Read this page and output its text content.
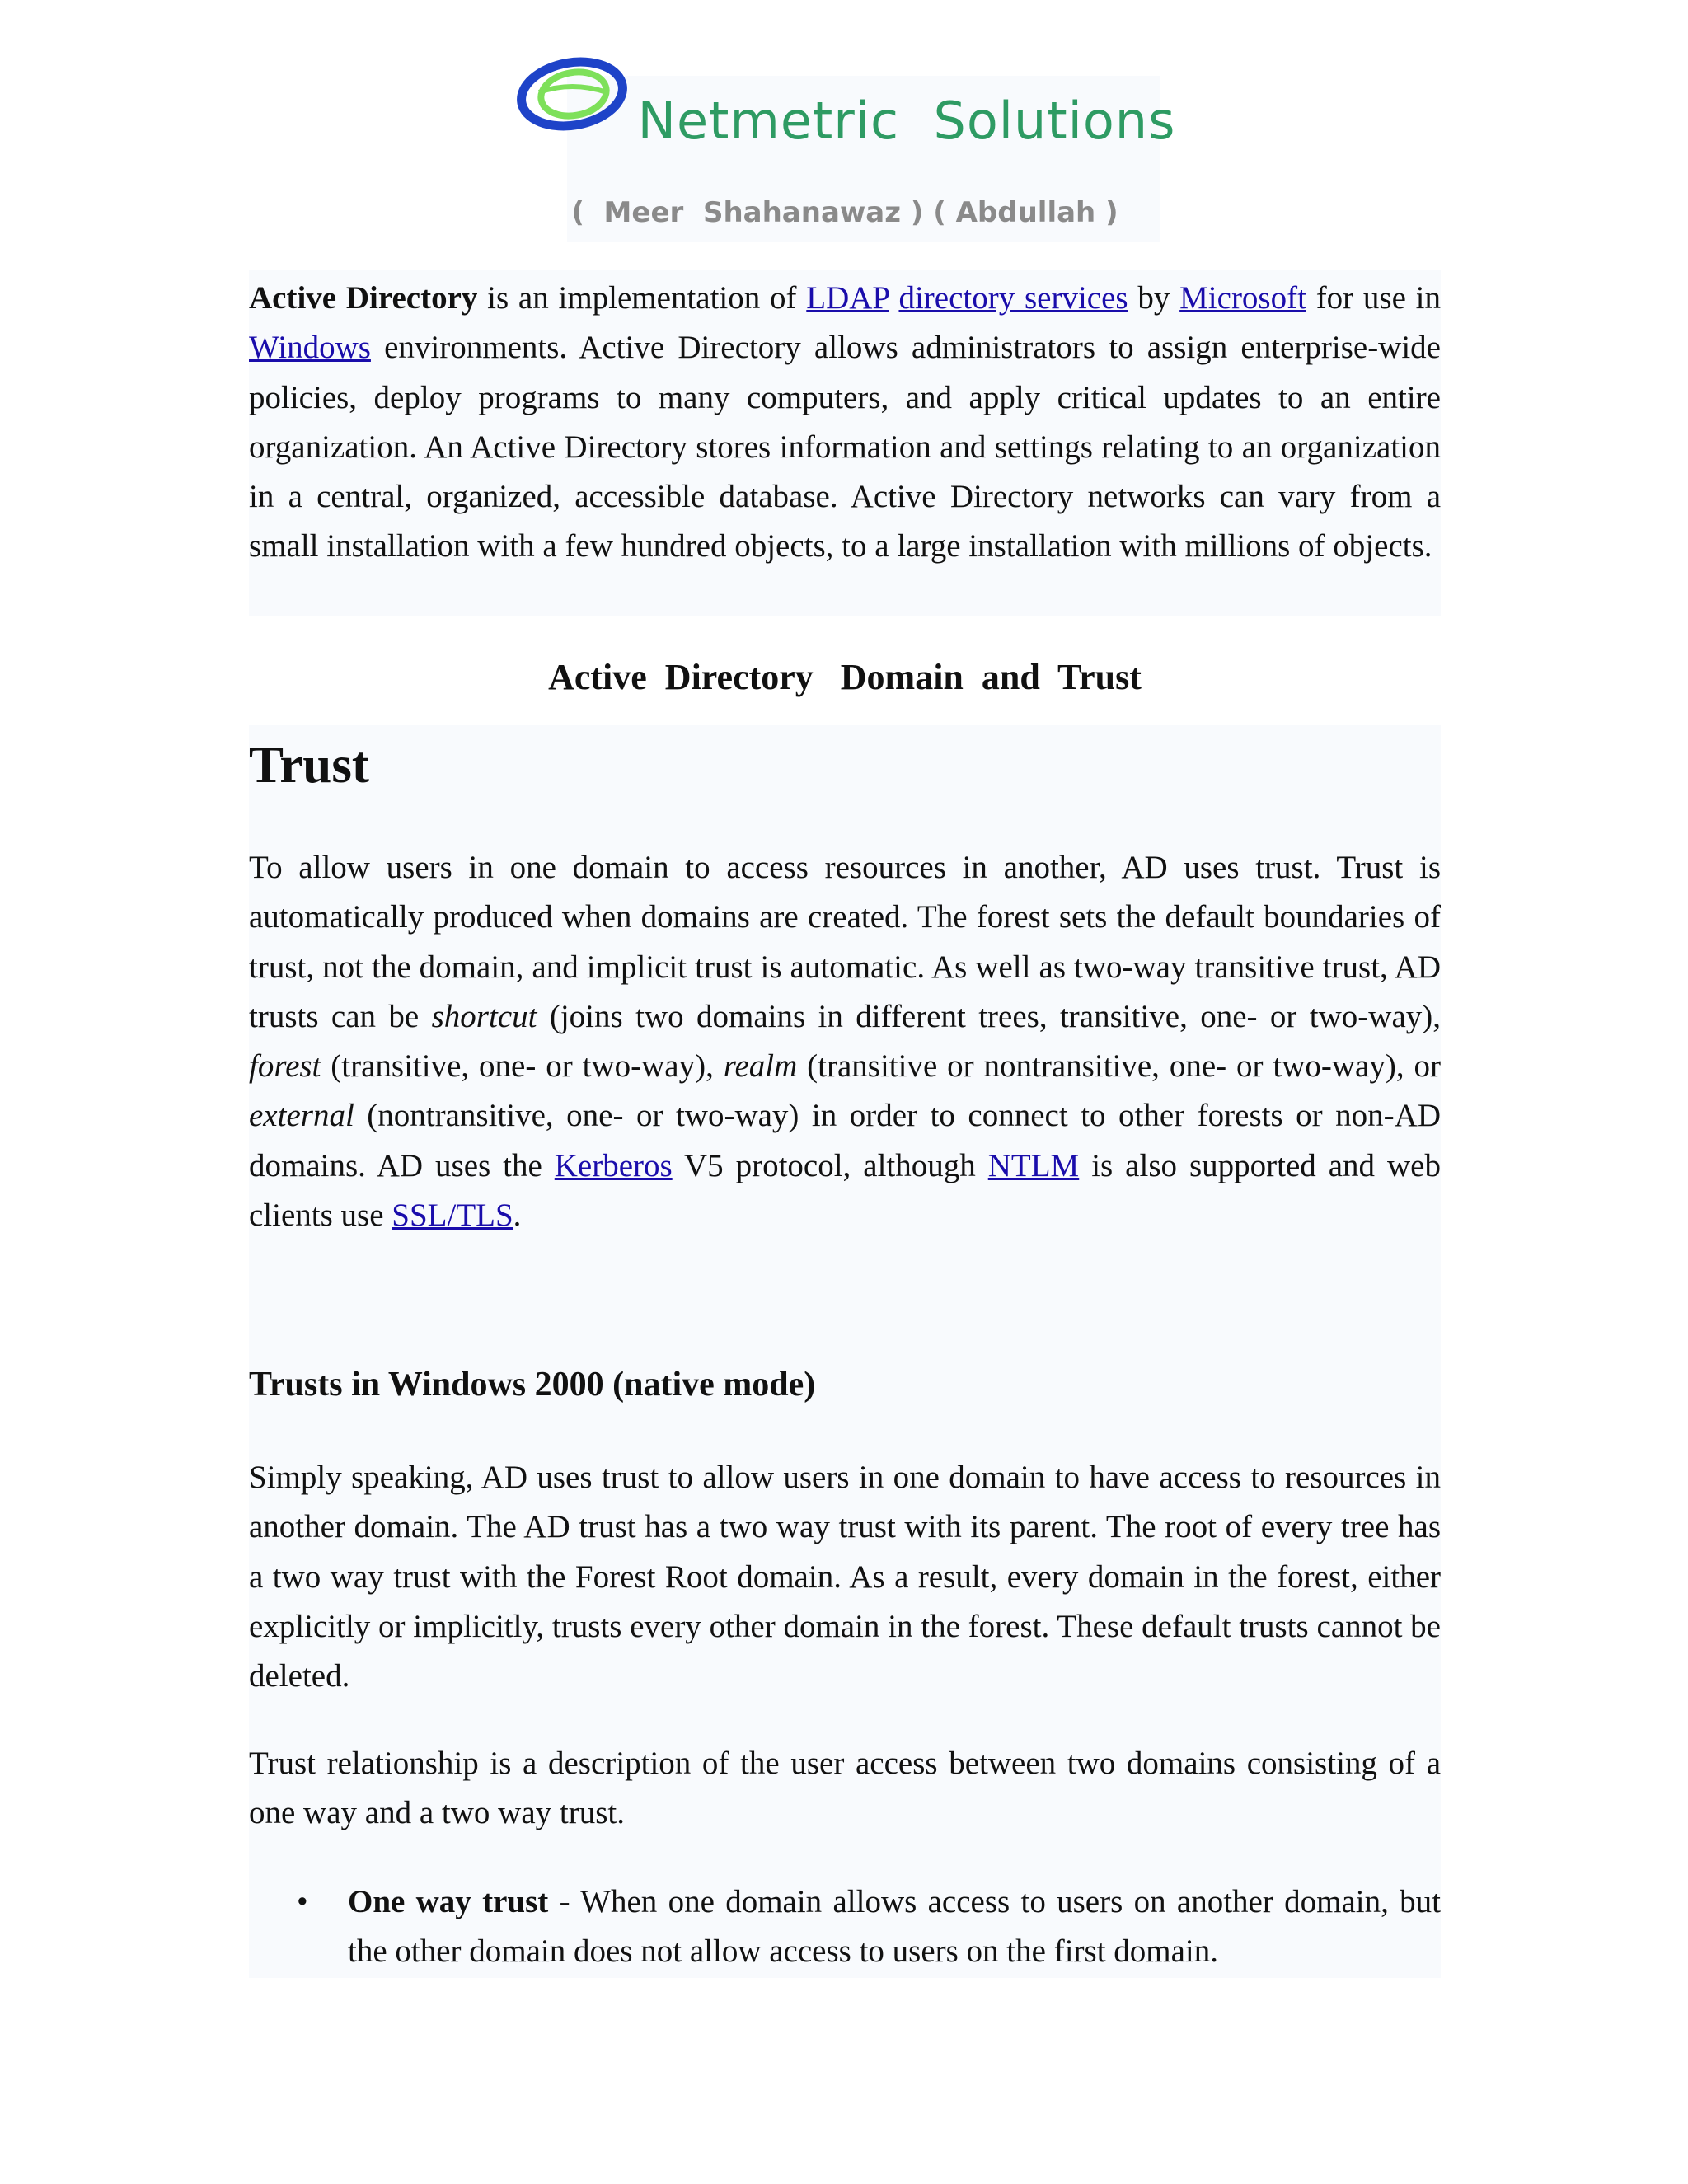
Netmetric  Solutions
(  Meer  Shahanawaz ) ( Abdullah )

Active Directory is an implementation of LDAP directory services by Microsoft for use in Windows environments. Active Directory allows administrators to assign enterprise-wide policies, deploy programs to many computers, and apply critical updates to an entire organization. An Active Directory stores information and settings relating to an organization in a central, organized, accessible database. Active Directory networks can vary from a small installation with a few hundred objects, to a large installation with millions of objects.

Active  Directory   Domain  and  Trust
Trust

To allow users in one domain to access resources in another, AD uses trust. Trust is automatically produced when domains are created. The forest sets the default boundaries of trust, not the domain, and implicit trust is automatic. As well as two-way transitive trust, AD trusts can be shortcut (joins two domains in different trees, transitive, one- or two-way), forest (transitive, one- or two-way), realm (transitive or nontransitive, one- or two-way), or external (nontransitive, one- or two-way) in order to connect to other forests or non-AD domains. AD uses the Kerberos V5 protocol, although NTLM is also supported and web clients use SSL/TLS.

Trusts in Windows 2000 (native mode)

Simply speaking, AD uses trust to allow users in one domain to have access to resources in another domain. The AD trust has a two way trust with its parent. The root of every tree has a two way trust with the Forest Root domain. As a result, every domain in the forest, either explicitly or implicitly, trusts every other domain in the forest. These default trusts cannot be deleted.

Trust relationship is a description of the user access between two domains consisting of a one way and a two way trust.

• One way trust - When one domain allows access to users on another domain, but the other domain does not allow access to users on the first domain.
